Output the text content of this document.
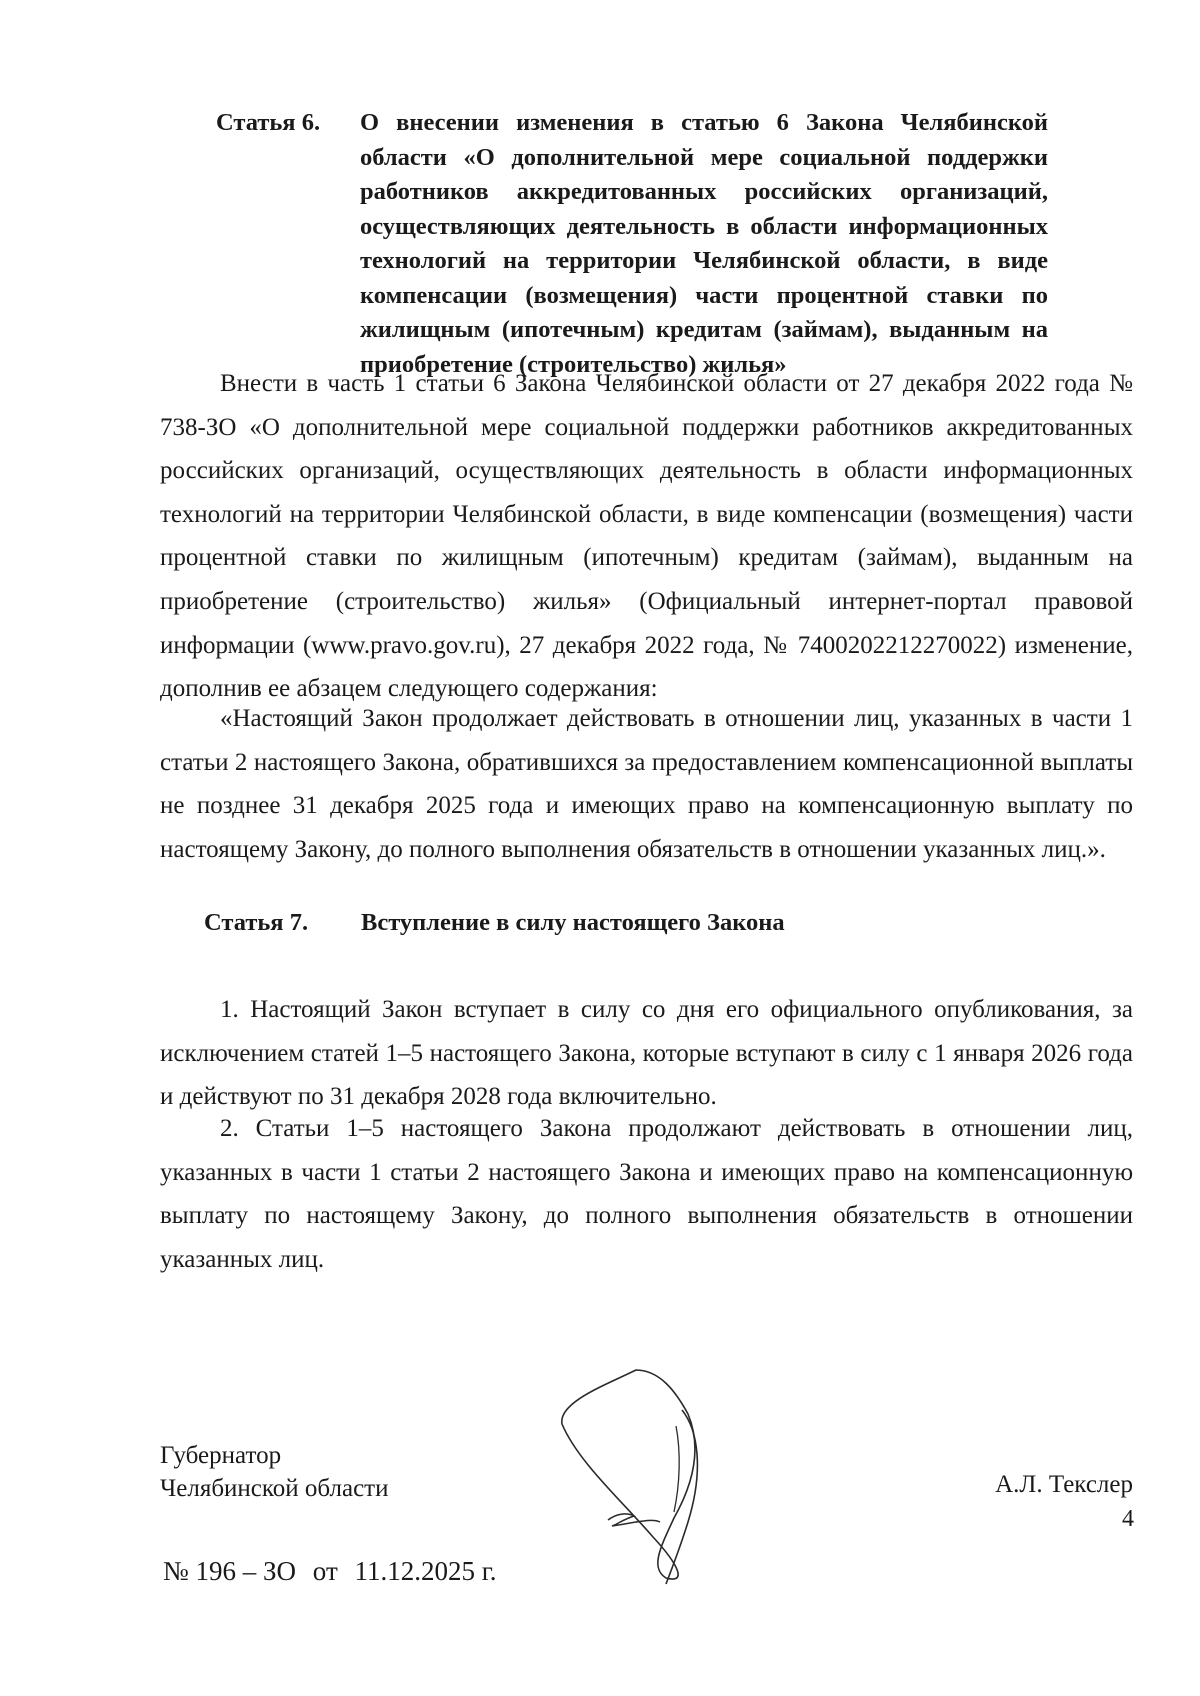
Статья 6. О внесении изменения в статью 6 Закона Челябинской области «О дополнительной мере социальной поддержки работников аккредитованных российских организаций, осуществляющих деятельность в области информационных технологий на территории Челябинской области, в виде компенсации (возмещения) части процентной ставки по жилищным (ипотечным) кредитам (займам), выданным на приобретение (строительство) жилья»
Внести в часть 1 статьи 6 Закона Челябинской области от 27 декабря 2022 года № 738-ЗО «О дополнительной мере социальной поддержки работников аккредитованных российских организаций, осуществляющих деятельность в области информационных технологий на территории Челябинской области, в виде компенсации (возмещения) части процентной ставки по жилищным (ипотечным) кредитам (займам), выданным на приобретение (строительство) жилья» (Официальный интернет-портал правовой информации (www.pravo.gov.ru), 27 декабря 2022 года, № 7400202212270022) изменение, дополнив ее абзацем следующего содержания:
«Настоящий Закон продолжает действовать в отношении лиц, указанных в части 1 статьи 2 настоящего Закона, обратившихся за предоставлением компенсационной выплаты не позднее 31 декабря 2025 года и имеющих право на компенсационную выплату по настоящему Закону, до полного выполнения обязательств в отношении указанных лиц.».
Статья 7. Вступление в силу настоящего Закона
1. Настоящий Закон вступает в силу со дня его официального опубликования, за исключением статей 1–5 настоящего Закона, которые вступают в силу с 1 января 2026 года и действуют по 31 декабря 2028 года включительно.
2. Статьи 1–5 настоящего Закона продолжают действовать в отношении лиц, указанных в части 1 статьи 2 настоящего Закона и имеющих право на компенсационную выплату по настоящему Закону, до полного выполнения обязательств в отношении указанных лиц.
Губернатор
Челябинской области	А.Л. Текслер
4
№ 196 – ЗО от 11.12.2025 г.
